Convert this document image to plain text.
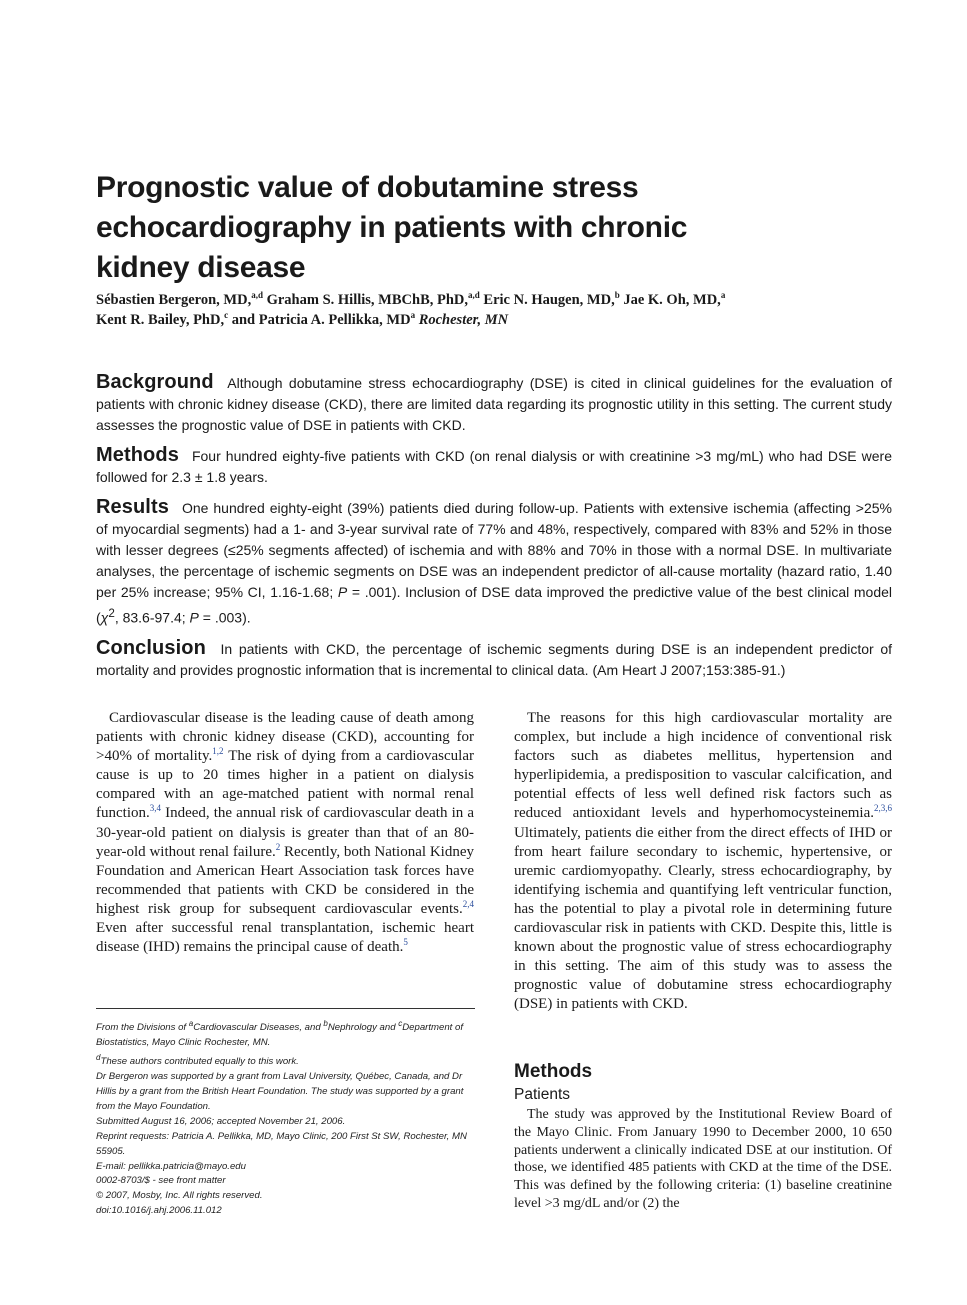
Prognostic value of dobutamine stress
echocardiography in patients with chronic
kidney disease
Sébastien Bergeron, MD,$^{a,d}$ Graham S. Hillis, MBChB, PhD,$^{a,d}$ Eric N. Haugen, MD,$^b$ Jae K. Oh, MD,$^a$
Kent R. Bailey, PhD,$^c$ and Patricia A. Pellikka, $MD^a$ Rochester, MN

Background Although dobutamine stress echocardiography (DSE) is cited in clinical guidelines for the evaluation of patients with chronic kidney disease (CKD), there are limited data regarding its prognostic utility in this setting. The current study assesses the prognostic value of DSE in patients with CKD.

Methods Four hundred eighty-five patients with CKD (on renal dialysis or with creatinine >3 mg/mL) who had DSE were followed for 2.3 ± 1.8 years.

Results One hundred eighty-eight (39%) patients died during follow-up. Patients with extensive ischemia (affecting >25% of myocardial segments) had a 1- and 3-year survival rate of 77% and 48%, respectively, compared with 83% and 52% in those with lesser degrees (≤25% segments affected) of ischemia and with 88% and 70% in those with a normal DSE. In multivariate analyses, the percentage of ischemic segments on DSE was an independent predictor of all-cause mortality (hazard ratio, 1.40 per 25% increase; 95% CI, 1.16-1.68; P = .001). Inclusion of DSE data improved the predictive value of the best clinical model ($\chi^2$, 83.6-97.4; P = .003).

Conclusion In patients with CKD, the percentage of ischemic segments during DSE is an independent predictor of mortality and provides prognostic information that is incremental to clinical data. (Am Heart J 2007;153:385-91.)

Cardiovascular disease is the leading cause of death among patients with chronic kidney disease (CKD), accounting for >40% of mortality.$^{1,2}$ The risk of dying from a cardiovascular cause is up to 20 times higher in a patient on dialysis compared with an age-matched patient with normal renal function.$^{3,4}$ Indeed, the annual risk of cardiovascular death in a 30-year-old patient on dialysis is greater than that of an 80-year-old without renal failure.$^2$ Recently, both National Kidney Foundation and American Heart Association task forces have recommended that patients with CKD be considered in the highest risk group for subsequent cardiovascular events.$^{2,4}$ Even after successful renal transplantation, ischemic heart disease (IHD) remains the principal cause of death.$^5$

The reasons for this high cardiovascular mortality are complex, but include a high incidence of conventional risk factors such as diabetes mellitus, hypertension and hyperlipidemia, a predisposition to vascular calcification, and potential effects of less well defined risk factors such as reduced antioxidant levels and hyperhomocysteinemia.$^{2,3,6}$ Ultimately, patients die either from the direct effects of IHD or from heart failure secondary to ischemic, hypertensive, or uremic cardiomyopathy. Clearly, stress echocardiography, by identifying ischemia and quantifying left ventricular function, has the potential to play a pivotal role in determining future cardiovascular risk in patients with CKD. Despite this, little is known about the prognostic value of stress echocardiography in this setting. The aim of this study was to assess the prognostic value of dobutamine stress echocardiography (DSE) in patients with CKD.

From the Divisions of $^a$Cardiovascular Diseases, and $^b$Nephrology and $^c$Department of Biostatistics, Mayo Clinic Rochester, MN.
$^d$These authors contributed equally to this work.
Dr Bergeron was supported by a grant from Laval University, Québec, Canada, and Dr Hillis by a grant from the British Heart Foundation. The study was supported by a grant from the Mayo Foundation.
Submitted August 16, 2006; accepted November 21, 2006.
Reprint requests: Patricia A. Pellikka, MD, Mayo Clinic, 200 First St SW, Rochester, MN 55905.
E-mail: pellikka.patricia@mayo.edu
0002-8703/$ - see front matter
© 2007, Mosby, Inc. All rights reserved.
doi:10.1016/j.ahj.2006.11.012
Methods
Patients

The study was approved by the Institutional Review Board of the Mayo Clinic. From January 1990 to December 2000, 10 650 patients underwent a clinically indicated DSE at our institution. Of those, we identified 485 patients with CKD at the time of the DSE. This was defined by the following criteria: (1) baseline creatinine level >3 mg/dL and/or (2) the
